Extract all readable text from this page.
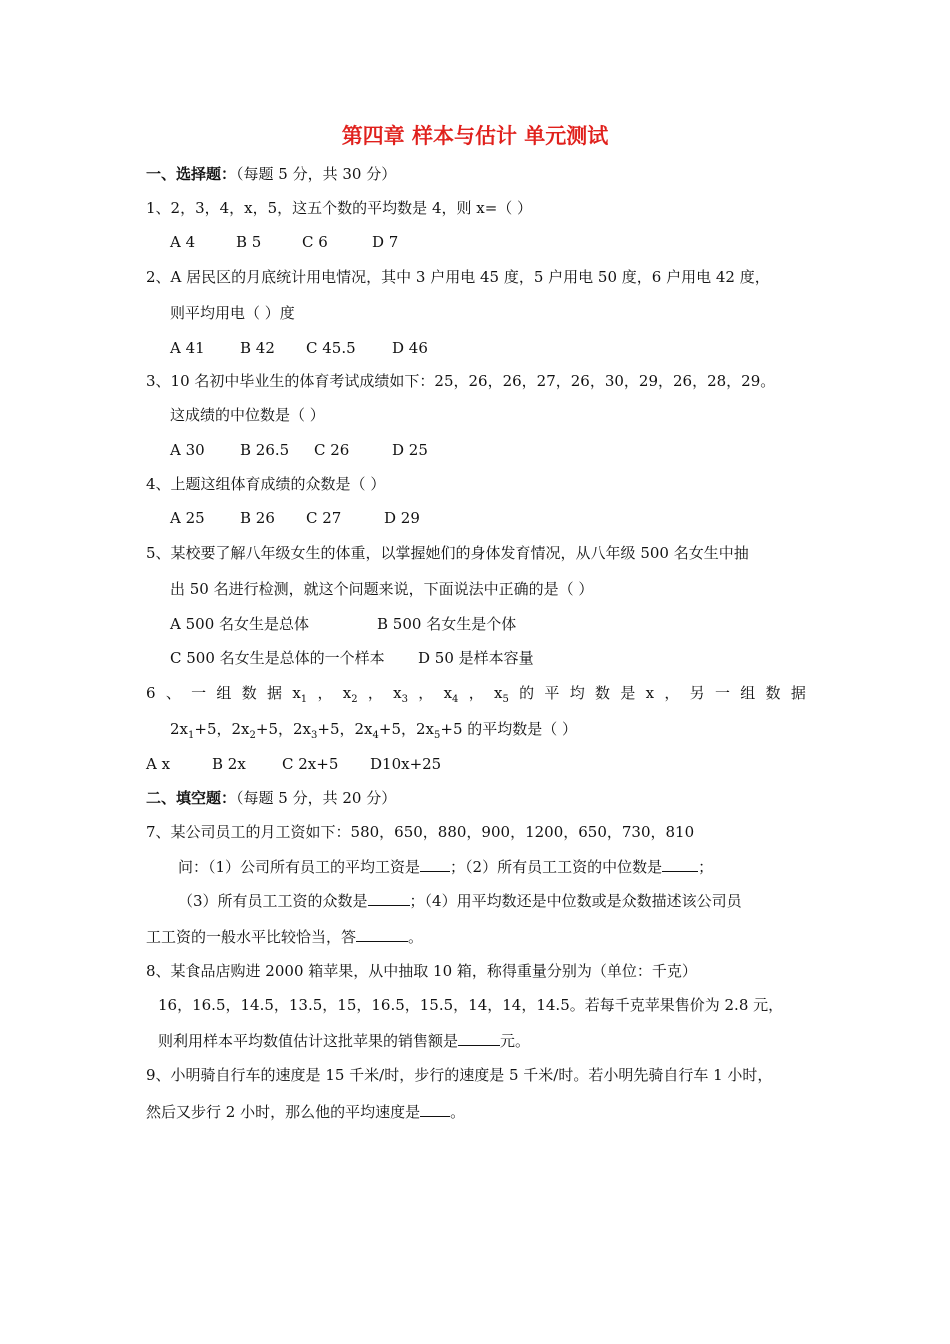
第四章 样本与估计 单元测试
一、选择题：（每题 5 分，共 30 分）
1、2，3，4，x，5，这五个数的平均数是 4，则 x=（ ）
A 4	B 5	C 6	D 7
2、A 居民区的月底统计用电情况，其中 3 户用电 45 度，5 户用电 50 度，6 户用电 42 度，
则平均用电（ ）度
A 41 B 42 C 45.5 D 46
3、10 名初中毕业生的体育考试成绩如下：25，26，26，27，26，30，29，26，28，29。
这成绩的中位数是（ ）
A 30 B 26.5 C 26	D 25
4、上题这组体育成绩的众数是（ ）
A 25 B 26 C 27	D 29
5、某校要了解八年级女生的体重，以掌握她们的身体发育情况，从八年级 500 名女生中抽
出 50 名进行检测，就这个问题来说，下面说法中正确的是（ ）
A 500 名女生是总体	B 500 名女生是个体
C 500 名女生是总体的一个样本 D 50 是样本容量
6 、 一 组 数 据 $x_1$ ， $x_2$ ， $x_3$ ， $x_4$ ， $x_5$ 的 平 均 数 是 x ， 另 一 组 数 据
$2x_1+5$，$2x_2+5$，$2x_3+5$，$2x_4+5$，$2x_5+5$ 的平均数是（ ）
A x	B 2x C 2x+5 D10x+25
二、填空题：（每题 5 分，共 20 分）
7、某公司员工的月工资如下：580，650，880，900，1200，650，730，810
问：（1）公司所有员工的平均工资是 ；（2）所有员工工资的中位数是 ；
（3）所有员工工资的众数是	；（4）用平均数还是中位数或是众数描述该公司员
工工资的一般水平比较恰当，答	。
8、某食品店购进 2000 箱苹果，从中抽取 10 箱，称得重量分别为（单位：千克）
16，16.5，14.5，13.5，15，16.5，15.5，14，14，14.5。若每千克苹果售价为 2.8 元，
则利用样本平均数值估计这批苹果的销售额是	元。
9、小明骑自行车的速度是 15 千米/时，步行的速度是 5 千米/时。若小明先骑自行车 1 小时，
然后又步行 2 小时，那么他的平均速度是 。
